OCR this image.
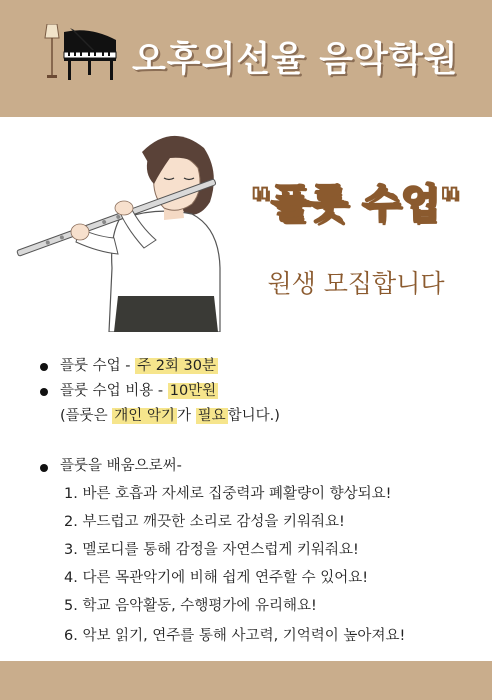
오후의선율 음악학원
"플룻 수업"
원생 모집합니다
플룻 수업 - 주 2회 30분
플룻 수업 비용 - 10만원
(플룻은 개인 악기 가 필요 합니다.)
플룻을 배움으로써-
1. 바른 호흡과 자세로 집중력과 폐활량이 향상되요!
2. 부드럽고 깨끗한 소리로 감성을 키워줘요!
3. 멜로디를 통해 감정을 자연스럽게 키워줘요!
4. 다른 목관악기에 비해 쉽게 연주할 수 있어요!
5. 학교 음악활동, 수행평가에 유리해요!
6. 악보 읽기, 연주를 통해 사고력, 기억력이 높아져요!
